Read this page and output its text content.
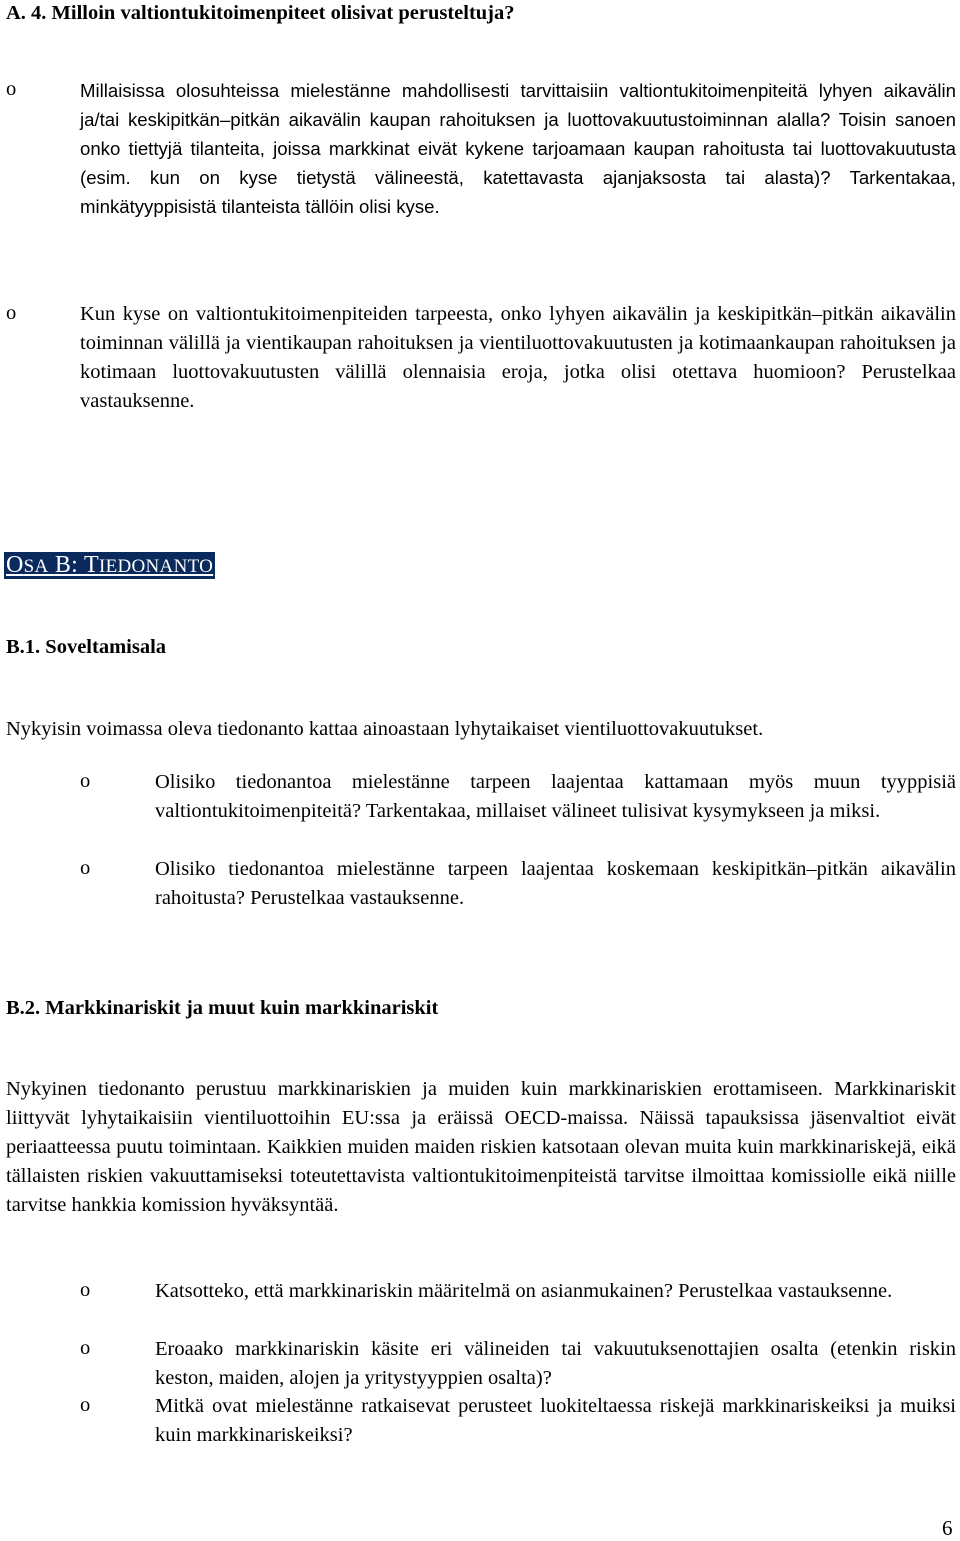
A. 4. Milloin valtiontukitoimenpiteet olisivat perusteltuja?
o	Millaisissa olosuhteissa mielestänne mahdollisesti tarvittaisiin valtiontukitoimenpiteitä lyhyen aikavälin ja/tai keskipitkän–pitkän aikavälin kaupan rahoituksen ja luottovakuutustoiminnan alalla? Toisin sanoen onko tiettyjä tilanteita, joissa markkinat eivät kykene tarjoamaan kaupan rahoitusta tai luottovakuutusta (esim. kun on kyse tietystä välineestä, katettavasta ajanjaksosta tai alasta)? Tarkentakaa, minkätyyppisistä tilanteista tällöin olisi kyse.
o	Kun kyse on valtiontukitoimenpiteiden tarpeesta, onko lyhyen aikavälin ja keskipitkän–pitkän aikavälin toiminnan välillä ja vientikaupan rahoituksen ja vientiluottovakuutusten ja kotimaankaupan rahoituksen ja kotimaan luottovakuutusten välillä olennaisia eroja, jotka olisi otettava huomioon? Perustelkaa vastauksenne.
OSA B: TIEDONANTO
B.1. Soveltamisala
Nykyisin voimassa oleva tiedonanto kattaa ainoastaan lyhytaikaiset vientiluottovakuutukset.
o	Olisiko tiedonantoa mielestänne tarpeen laajentaa kattamaan myös muun tyyppisiä valtiontukitoimenpiteitä? Tarkentakaa, millaiset välineet tulisivat kysymykseen ja miksi.
o	Olisiko tiedonantoa mielestänne tarpeen laajentaa koskemaan keskipitkän–pitkän aikavälin rahoitusta? Perustelkaa vastauksenne.
B.2. Markkinariskit ja muut kuin markkinariskit
Nykyinen tiedonanto perustuu markkinariskien ja muiden kuin markkinariskien erottamiseen. Markkinariskit liittyvät lyhytaikaisiin vientiluottoihin EU:ssa ja eräissä OECD-maissa. Näissä tapauksissa jäsenvaltiot eivät periaatteessa puutu toimintaan. Kaikkien muiden maiden riskien katsotaan olevan muita kuin markkinariskejä, eikä tällaisten riskien vakuuttamiseksi toteutettavista valtiontukitoimenpiteistä tarvitse ilmoittaa komissiolle eikä niille tarvitse hankkia komission hyväksyntää.
o	Katsotteko, että markkinariskin määritelmä on asianmukainen? Perustelkaa vastauksenne.
o	Eroaako markkinariskin käsite eri välineiden tai vakuutuksenottajien osalta (etenkin riskin keston, maiden, alojen ja yritystyyppien osalta)?
o	Mitkä ovat mielestänne ratkaisevat perusteet luokiteltaessa riskejä markkinariskeiksi ja muiksi kuin markkinariskeiksi?
6
